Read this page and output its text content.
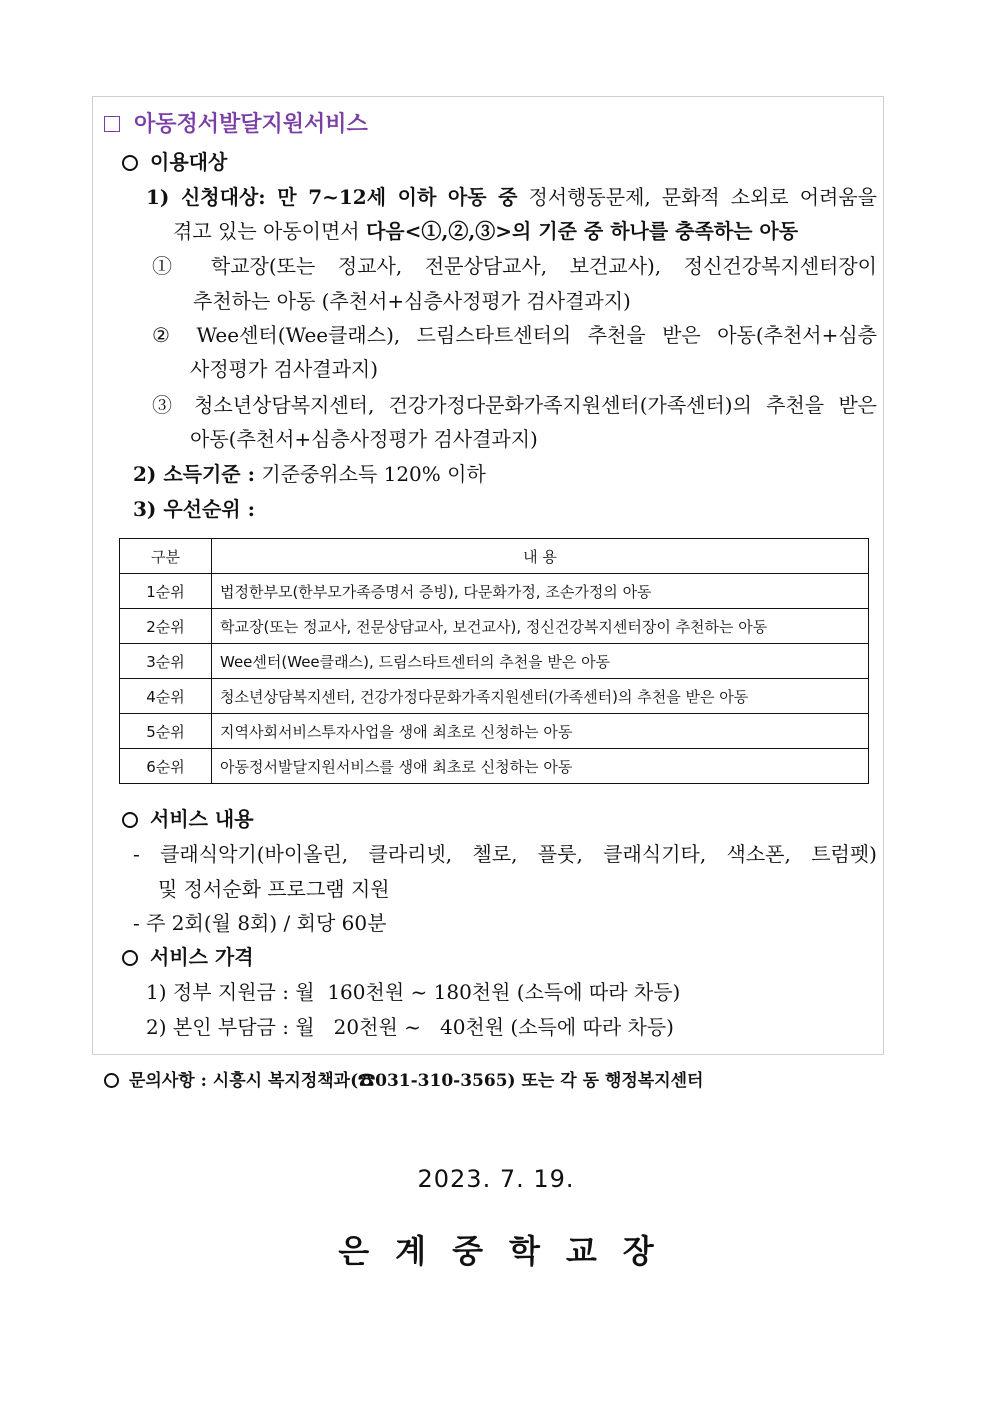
아동정서발달지원서비스
이용대상
1) 신청대상: 만 7~12세 이하 아동 중 정서행동문제, 문화적 소외로 어려움을
겪고 있는 아동이면서 다음<①,②,③>의 기준 중 하나를 충족하는 아동
① 학교장(또는 정교사, 전문상담교사, 보건교사), 정신건강복지센터장이
추천하는 아동 (추천서+심층사정평가 검사결과지)
② Wee센터(Wee클래스), 드림스타트센터의 추천을 받은 아동(추천서+심층
사정평가 검사결과지)
③ 청소년상담복지센터, 건강가정다문화가족지원센터(가족센터)의 추천을 받은
아동(추천서+심층사정평가 검사결과지)
2) 소득기준 : 기준중위소득 120% 이하
3) 우선순위 :
구분	내 용
1순위	법정한부모(한부모가족증명서 증빙), 다문화가정, 조손가정의 아동
2순위	학교장(또는 정교사, 전문상담교사, 보건교사), 정신건강복지센터장이 추천하는 아동
3순위	Wee센터(Wee클래스), 드림스타트센터의 추천을 받은 아동
4순위	청소년상담복지센터, 건강가정다문화가족지원센터(가족센터)의 추천을 받은 아동
5순위	지역사회서비스투자사업을 생애 최초로 신청하는 아동
6순위	아동정서발달지원서비스를 생애 최초로 신청하는 아동
서비스 내용
- 클래식악기(바이올린, 클라리넷, 첼로, 플룻, 클래식기타, 색소폰, 트럼펫)
및 정서순화 프로그램 지원
- 주 2회(월 8회) / 회당 60분
서비스 가격
1) 정부 지원금 : 월  160천원 ~ 180천원 (소득에 따라 차등)
2) 본인 부담금 : 월   20천원 ~   40천원 (소득에 따라 차등)
문의사항 : 시흥시 복지정책과(☎031-310-3565) 또는 각 동 행정복지센터
2023. 7. 19.
은계중학교장
